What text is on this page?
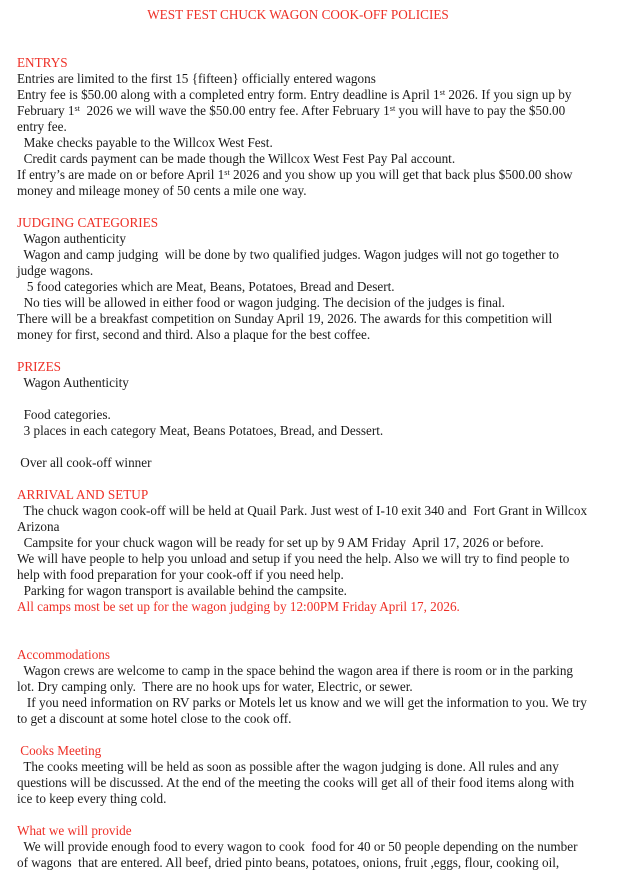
WEST FEST CHUCK WAGON COOK-OFF POLICIES
ENTRYS
Entries are limited to the first 15 {fifteen} officially entered wagons
Entry fee is $50.00 along with a completed entry form. Entry deadline is April 1st 2026. If you sign up by
February 1st  2026 we will wave the $50.00 entry fee. After February 1st you will have to pay the $50.00
entry fee.
Make checks payable to the Willcox West Fest.
Credit cards payment can be made though the Willcox West Fest Pay Pal account.
If entry’s are made on or before April 1st 2026 and you show up you will get that back plus $500.00 show
money and mileage money of 50 cents a mile one way.
JUDGING CATEGORIES
Wagon authenticity
Wagon and camp judging  will be done by two qualified judges. Wagon judges will not go together to
judge wagons.
5 food categories which are Meat, Beans, Potatoes, Bread and Desert.
No ties will be allowed in either food or wagon judging. The decision of the judges is final.
There will be a breakfast competition on Sunday April 19, 2026. The awards for this competition will
money for first, second and third. Also a plaque for the best coffee.
PRIZES
Wagon Authenticity
Food categories.
3 places in each category Meat, Beans Potatoes, Bread, and Dessert.
Over all cook-off winner
ARRIVAL AND SETUP
The chuck wagon cook-off will be held at Quail Park. Just west of I-10 exit 340 and  Fort Grant in Willcox
Arizona
Campsite for your chuck wagon will be ready for set up by 9 AM Friday  April 17, 2026 or before.
We will have people to help you unload and setup if you need the help. Also we will try to find people to
help with food preparation for your cook-off if you need help.
Parking for wagon transport is available behind the campsite.
All camps most be set up for the wagon judging by 12:00PM Friday April 17, 2026.
Accommodations
Wagon crews are welcome to camp in the space behind the wagon area if there is room or in the parking
lot. Dry camping only.  There are no hook ups for water, Electric, or sewer.
If you need information on RV parks or Motels let us know and we will get the information to you. We try
to get a discount at some hotel close to the cook off.
Cooks Meeting
The cooks meeting will be held as soon as possible after the wagon judging is done. All rules and any
questions will be discussed. At the end of the meeting the cooks will get all of their food items along with
ice to keep every thing cold.
What we will provide
We will provide enough food to every wagon to cook  food for 40 or 50 people depending on the number
of wagons  that are entered. All beef, dried pinto beans, potatoes, onions, fruit ,eggs, flour, cooking oil,
